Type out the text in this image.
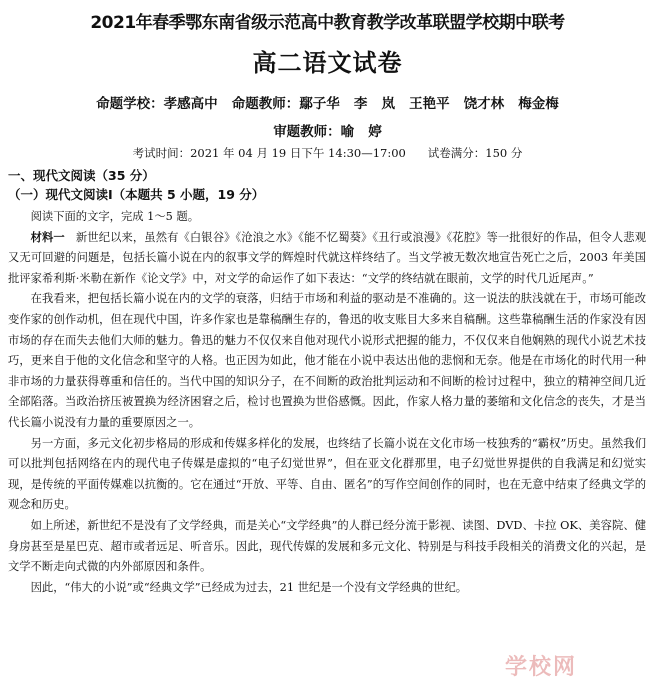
2021年春季鄂东南省级示范高中教育教学改革联盟学校期中联考
高二语文试卷
命题学校：孝感高中   命题教师：鄢子华   李   岚   王艳平   饶才林   梅金梅
审题教师：喻   婷
考试时间：2021 年 04 月 19 日下午 14:30—17:00      试卷满分：150 分
一、现代文阅读（35 分）
（一）现代文阅读Ⅰ（本题共 5 小题，19 分）

阅读下面的文字，完成 1～5 题。

材料一 新世纪以来，虽然有《白银谷》《沧浪之水》《能不忆蜀葵》《丑行或浪漫》《花腔》等一批很好的作品，但令人悲观又无可回避的问题是，包括长篇小说在内的叙事文学的辉煌时代就这样终结了。当文学被无数次地宣告死亡之后，2003 年美国批评家希利斯·米勒在新作《论文学》中，对文学的命运作了如下表达：“文学的终结就在眼前，文学的时代几近尾声。”

在我看来，把包括长篇小说在内的文学的衰落，归结于市场和利益的驱动是不准确的。这一说法的肤浅就在于，市场可能改变作家的创作动机，但在现代中国，许多作家也是靠稿酬生存的，鲁迅的收支账目大多来自稿酬。这些靠稿酬生活的作家没有因市场的存在而失去他们大师的魅力。鲁迅的魅力不仅仅来自他对现代小说形式把握的能力，不仅仅来自他娴熟的现代小说艺术技巧，更来自于他的文化信念和坚守的人格。也正因为如此，他才能在小说中表达出他的悲悯和无奈。他是在市场化的时代用一种非市场的力量获得尊重和信任的。当代中国的知识分子，在不间断的政治批判运动和不间断的检讨过程中，独立的精神空间几近全部陷落。当政治挤压被置换为经济困窘之后，检讨也置换为世俗感慨。因此，作家人格力量的萎缩和文化信念的丧失，才是当代长篇小说没有力量的重要原因之一。

另一方面，多元文化初步格局的形成和传媒多样化的发展，也终结了长篇小说在文化市场一枝独秀的“霸权”历史。虽然我们可以批判包括网络在内的现代电子传媒是虚拟的“电子幻觉世界”，但在亚文化群那里，电子幻觉世界提供的自我满足和幻觉实现，是传统的平面传媒难以抗衡的。它在通过“开放、平等、自由、匿名”的写作空间创作的同时，也在无意中结束了经典文学的观念和历史。

如上所述，新世纪不是没有了文学经典，而是关心“文学经典”的人群已经分流于影视、读图、DVD、卡拉 OK、美容院、健身房甚至是星巴克、超市或者远足、听音乐。因此，现代传媒的发展和多元文化、特别是与科技手段相关的消费文化的兴起，是文学不断走向式微的内外部原因和条件。

因此，“伟大的小说”或“经典文学”已经成为过去，21 世纪是一个没有文学经典的世纪。

学校网
